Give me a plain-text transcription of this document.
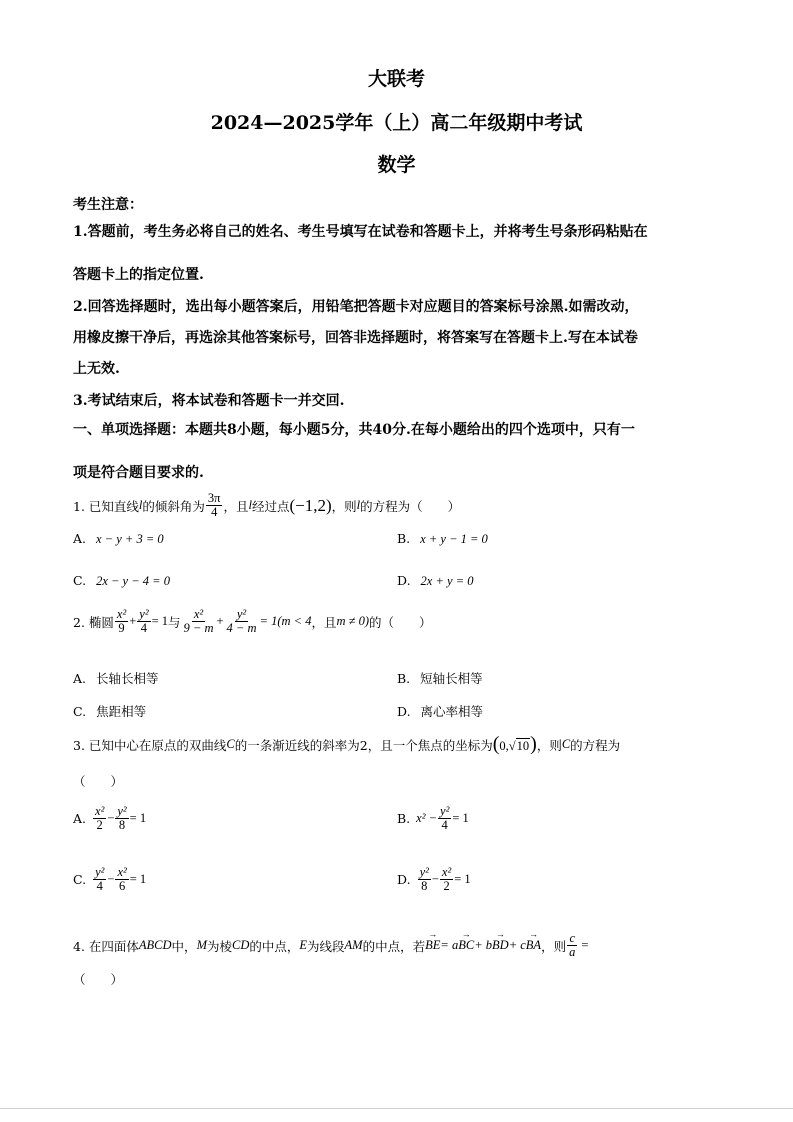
大联考
2024—2025学年（上）高二年级期中考试
数学
考生注意：
1.答题前，考生务必将自己的姓名、考生号填写在试卷和答题卡上，并将考生号条形码粘贴在
答题卡上的指定位置.
2.回答选择题时，选出每小题答案后，用铅笔把答题卡对应题目的答案标号涂黑.如需改动，
用橡皮擦干净后，再选涂其他答案标号，回答非选择题时，将答案写在答题卡上.写在本试卷
上无效.
3.考试结束后，将本试卷和答题卡一并交回.
一、单项选择题：本题共8小题，每小题5分，共40分.在每小题给出的四个选项中，只有一
项是符合题目要求的.
1. 已知直线 l 的倾斜角为 $\frac{3\pi}{4}$ ，且 l 经过点 (−1,2) ，则 l 的方程为（　　）
A. x − y + 3 = 0	B. x + y − 1 = 0
C. 2x − y − 4 = 0	D. 2x + y = 0
2. 椭圆 $\frac{\text{x²}}{9} + \frac{\text{y²}}{4} = 1$ 与 $\frac{\text{x²}}{9 - m} + \frac{\text{y²}}{4 - m} = 1(m < 4$ ，且 m ≠ 0) 的（　　）
A. 长轴长相等	B. 短轴长相等
C. 焦距相等	D. 离心率相等
3. 已知中心在原点的双曲线 C 的一条渐近线的斜率为2，且一个焦点的坐标为 (0,√10) ，则 C 的方程为
（　　）
A. $\frac{\text{x²}}{2} - \frac{\text{y²}}{8} = 1$	B. $x^2 - \frac{\text{y²}}{4} = 1$
C. $\frac{\text{y²}}{4} - \frac{\text{x²}}{6} = 1$	D. $\frac{\text{y²}}{8} - \frac{\text{x²}}{2} = 1$
4. 在四面体 ABCD 中， M 为棱 CD 的中点， E 为线段 AM 的中点，若 → BE = a → BC + b → BD + c → BA ，则 $\frac{c}{a}$ =
（　　）
